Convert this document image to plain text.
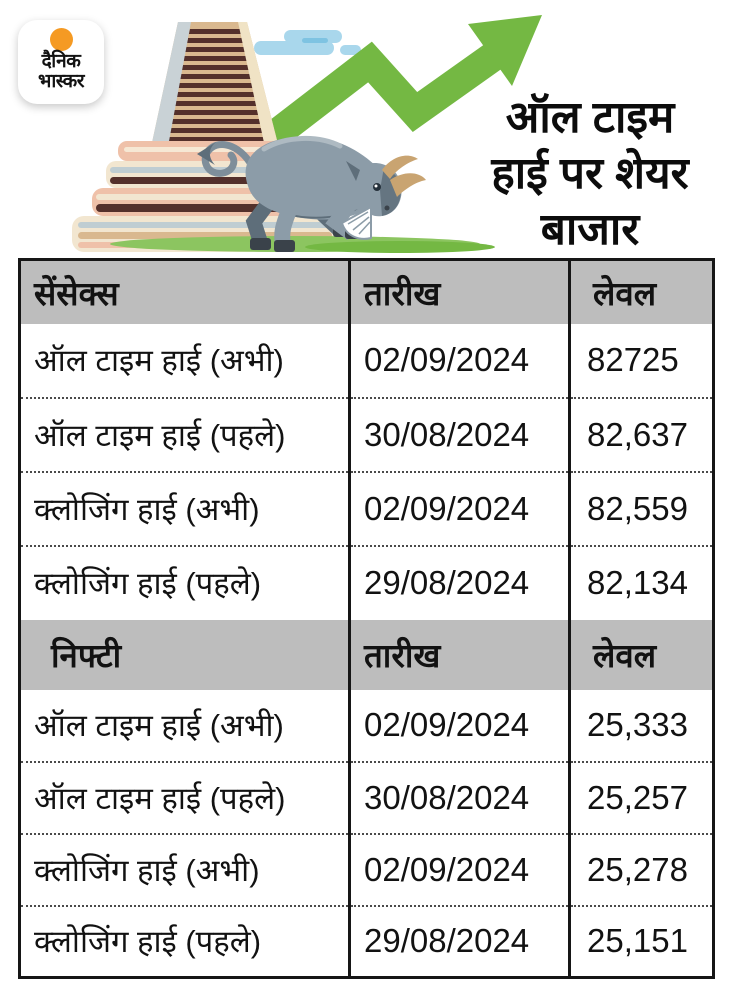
दैनिक
भास्कर
ऑल टाइम
हाई पर शेयर
बाजार
सेंसेक्स	तारीख	लेवल
ऑल टाइम हाई (अभी)	02/09/2024	82725
ऑल टाइम हाई (पहले)	30/08/2024	82,637
क्लोजिंग हाई (अभी)	02/09/2024	82,559
क्लोजिंग हाई (पहले)	29/08/2024	82,134
निफ्टी	तारीख	लेवल
ऑल टाइम हाई (अभी)	02/09/2024	25,333
ऑल टाइम हाई (पहले)	30/08/2024	25,257
क्लोजिंग हाई (अभी)	02/09/2024	25,278
क्लोजिंग हाई (पहले)	29/08/2024	25,151
